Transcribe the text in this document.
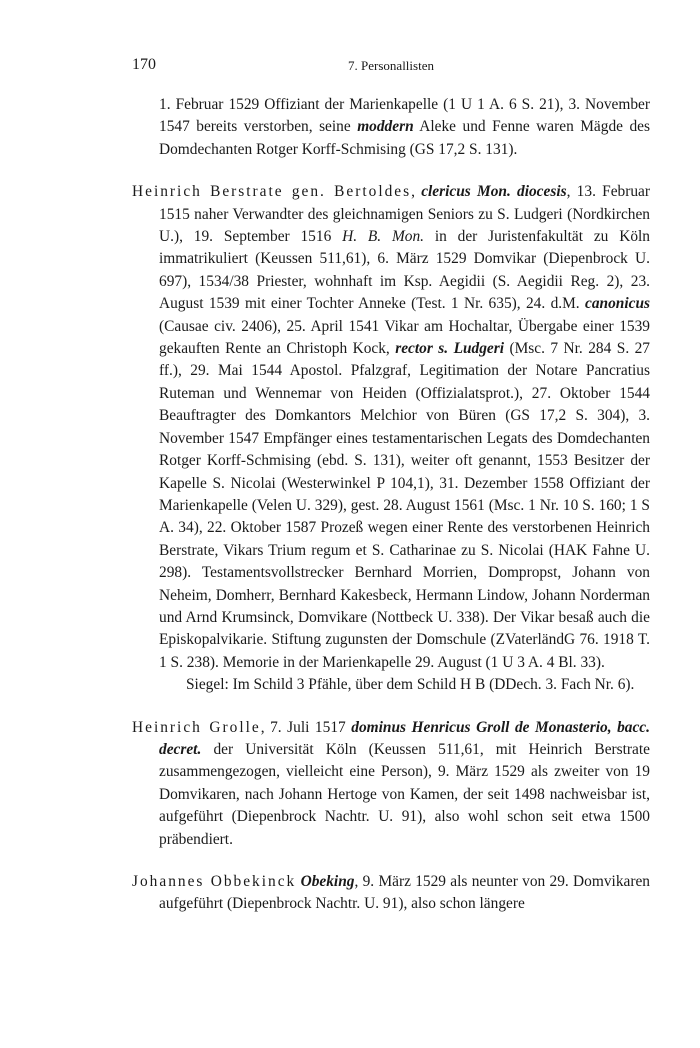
170	7. Personallisten

1. Februar 1529 Offiziant der Marienkapelle (1 U 1 A. 6 S. 21), 3. November 1547 bereits verstorben, seine moddern Aleke und Fenne waren Mägde des Domdechanten Rotger Korff-Schmising (GS 17,2 S. 131).

Heinrich Berstrate gen. Bertoldes, clericus Mon. diocesis, 13. Februar 1515 naher Verwandter des gleichnamigen Seniors zu S. Ludgeri (Nordkirchen U.), 19. September 1516 H. B. Mon. in der Juristenfakultät zu Köln immatrikuliert (Keussen 511,61), 6. März 1529 Domvikar (Diepenbrock U. 697), 1534/38 Priester, wohnhaft im Ksp. Aegidii (S. Aegidii Reg. 2), 23. August 1539 mit einer Tochter Anneke (Test. 1 Nr. 635), 24. d.M. canonicus (Causae civ. 2406), 25. April 1541 Vikar am Hochaltar, Übergabe einer 1539 gekauften Rente an Christoph Kock, rector s. Ludgeri (Msc. 7 Nr. 284 S. 27 ff.), 29. Mai 1544 Apostol. Pfalzgraf, Legitimation der Notare Pancratius Ruteman und Wennemar von Heiden (Offizialatsprot.), 27. Oktober 1544 Beauftragter des Domkantors Melchior von Büren (GS 17,2 S. 304), 3. November 1547 Empfänger eines testamentarischen Legats des Domdechanten Rotger Korff-Schmising (ebd. S. 131), weiter oft genannt, 1553 Besitzer der Kapelle S. Nicolai (Westerwinkel P 104,1), 31. Dezember 1558 Offiziant der Marienkapelle (Velen U. 329), gest. 28. August 1561 (Msc. 1 Nr. 10 S. 160; 1 S A. 34), 22. Oktober 1587 Prozeß wegen einer Rente des verstorbenen Heinrich Berstrate, Vikars Trium regum et S. Catharinae zu S. Nicolai (HAK Fahne U. 298). Testamentsvollstrecker Bernhard Morrien, Dompropst, Johann von Neheim, Domherr, Bernhard Kakesbeck, Hermann Lindow, Johann Norderman und Arnd Krumsinck, Domvikare (Nottbeck U. 338). Der Vikar besaß auch die Episkopalvikarie. Stiftung zugunsten der Domschule (ZVaterländG 76. 1918 T. 1 S. 238). Memorie in der Marienkapelle 29. August (1 U 3 A. 4 Bl. 33).
Siegel: Im Schild 3 Pfähle, über dem Schild H B (DDech. 3. Fach Nr. 6).

Heinrich Grolle, 7. Juli 1517 dominus Henricus Groll de Monasterio, bacc. decret. der Universität Köln (Keussen 511,61, mit Heinrich Berstrate zusammengezogen, vielleicht eine Person), 9. März 1529 als zweiter von 19 Domvikaren, nach Johann Hertoge von Kamen, der seit 1498 nachweisbar ist, aufgeführt (Diepenbrock Nachtr. U. 91), also wohl schon seit etwa 1500 präbendiert.

Johannes Obbekinck Obeking, 9. März 1529 als neunter von 29. Domvikaren aufgeführt (Diepenbrock Nachtr. U. 91), also schon längere
